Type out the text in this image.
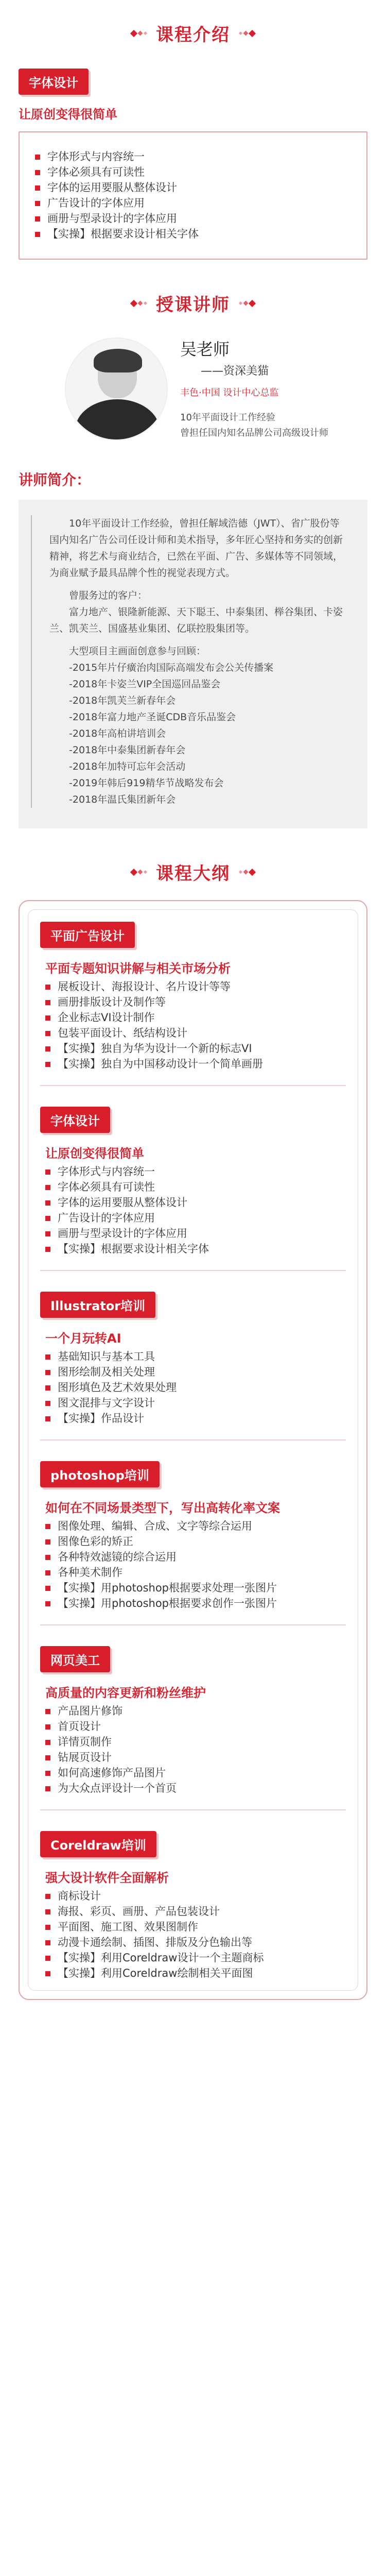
课程介绍
字体设计
让原创变得很简单
字体形式与内容统一
字体必须具有可读性
字体的运用要服从整体设计
广告设计的字体应用
画册与型录设计的字体应用
【实操】根据要求设计相关字体
授课讲师
吴老师
——资深美猫
丰色·中国 设计中心总监
10年平面设计工作经验
曾担任国内知名品牌公司高级设计师
讲师简介：

10年平面设计工作经验，曾担任解域浩德（JWT）、省广股份等国内知名广告公司任设计师和美术指导，多年匠心坚持和务实的创新精神，将艺术与商业结合，已然在平面、广告、多媒体等不同领域，为商业赋予最具品牌个性的视觉表现方式。

曾服务过的客户：

富力地产、银隆新能源、天下聪王、中泰集团、榉谷集团、卡姿兰、凯芙兰、国盛基业集团、亿联控股集团等。

大型项目主画面创意参与回顾：

-2015年片仔癀治肉国际高端发布会公关传播案

-2018年卡姿兰VIP全国巡回品鉴会

-2018年凯芙兰新春年会

-2018年富力地产圣诞CDB音乐品鉴会

-2018年高柏讲培训会

-2018年中泰集团新春年会

-2018年加特可忘年会活动

-2019年韩后919精华节战略发布会

-2018年温氏集团新年会

课程大纲
平面广告设计
平面专题知识讲解与相关市场分析
展板设计、海报设计、名片设计等等
画册排版设计及制作等
企业标志VI设计制作
包装平面设计、纸结构设计
【实操】独自为华为设计一个新的标志VI
【实操】独自为中国移动设计一个简单画册
字体设计
让原创变得很简单
字体形式与内容统一
字体必须具有可读性
字体的运用要服从整体设计
广告设计的字体应用
画册与型录设计的字体应用
【实操】根据要求设计相关字体
Illustrator培训
一个月玩转AI
基础知识与基本工具
图形绘制及相关处理
图形填色及艺术效果处理
图文混排与文字设计
【实操】作品设计
photoshop培训
如何在不同场景类型下，写出高转化率文案
图像处理、编辑、合成、文字等综合运用
图像色彩的矫正
各种特效滤镜的综合运用
各种美术制作
【实操】用photoshop根据要求处理一张图片
【实操】用photoshop根据要求创作一张图片
网页美工
高质量的内容更新和粉丝维护
产品图片修饰
首页设计
详情页制作
钻展页设计
如何高速修饰产品图片
为大众点评设计一个首页
Coreldraw培训
强大设计软件全面解析
商标设计
海报、彩页、画册、产品包装设计
平面图、施工图、效果图制作
动漫卡通绘制、插图、排版及分色输出等
【实操】利用Coreldraw设计一个主题商标
【实操】利用Coreldraw绘制相关平面图
